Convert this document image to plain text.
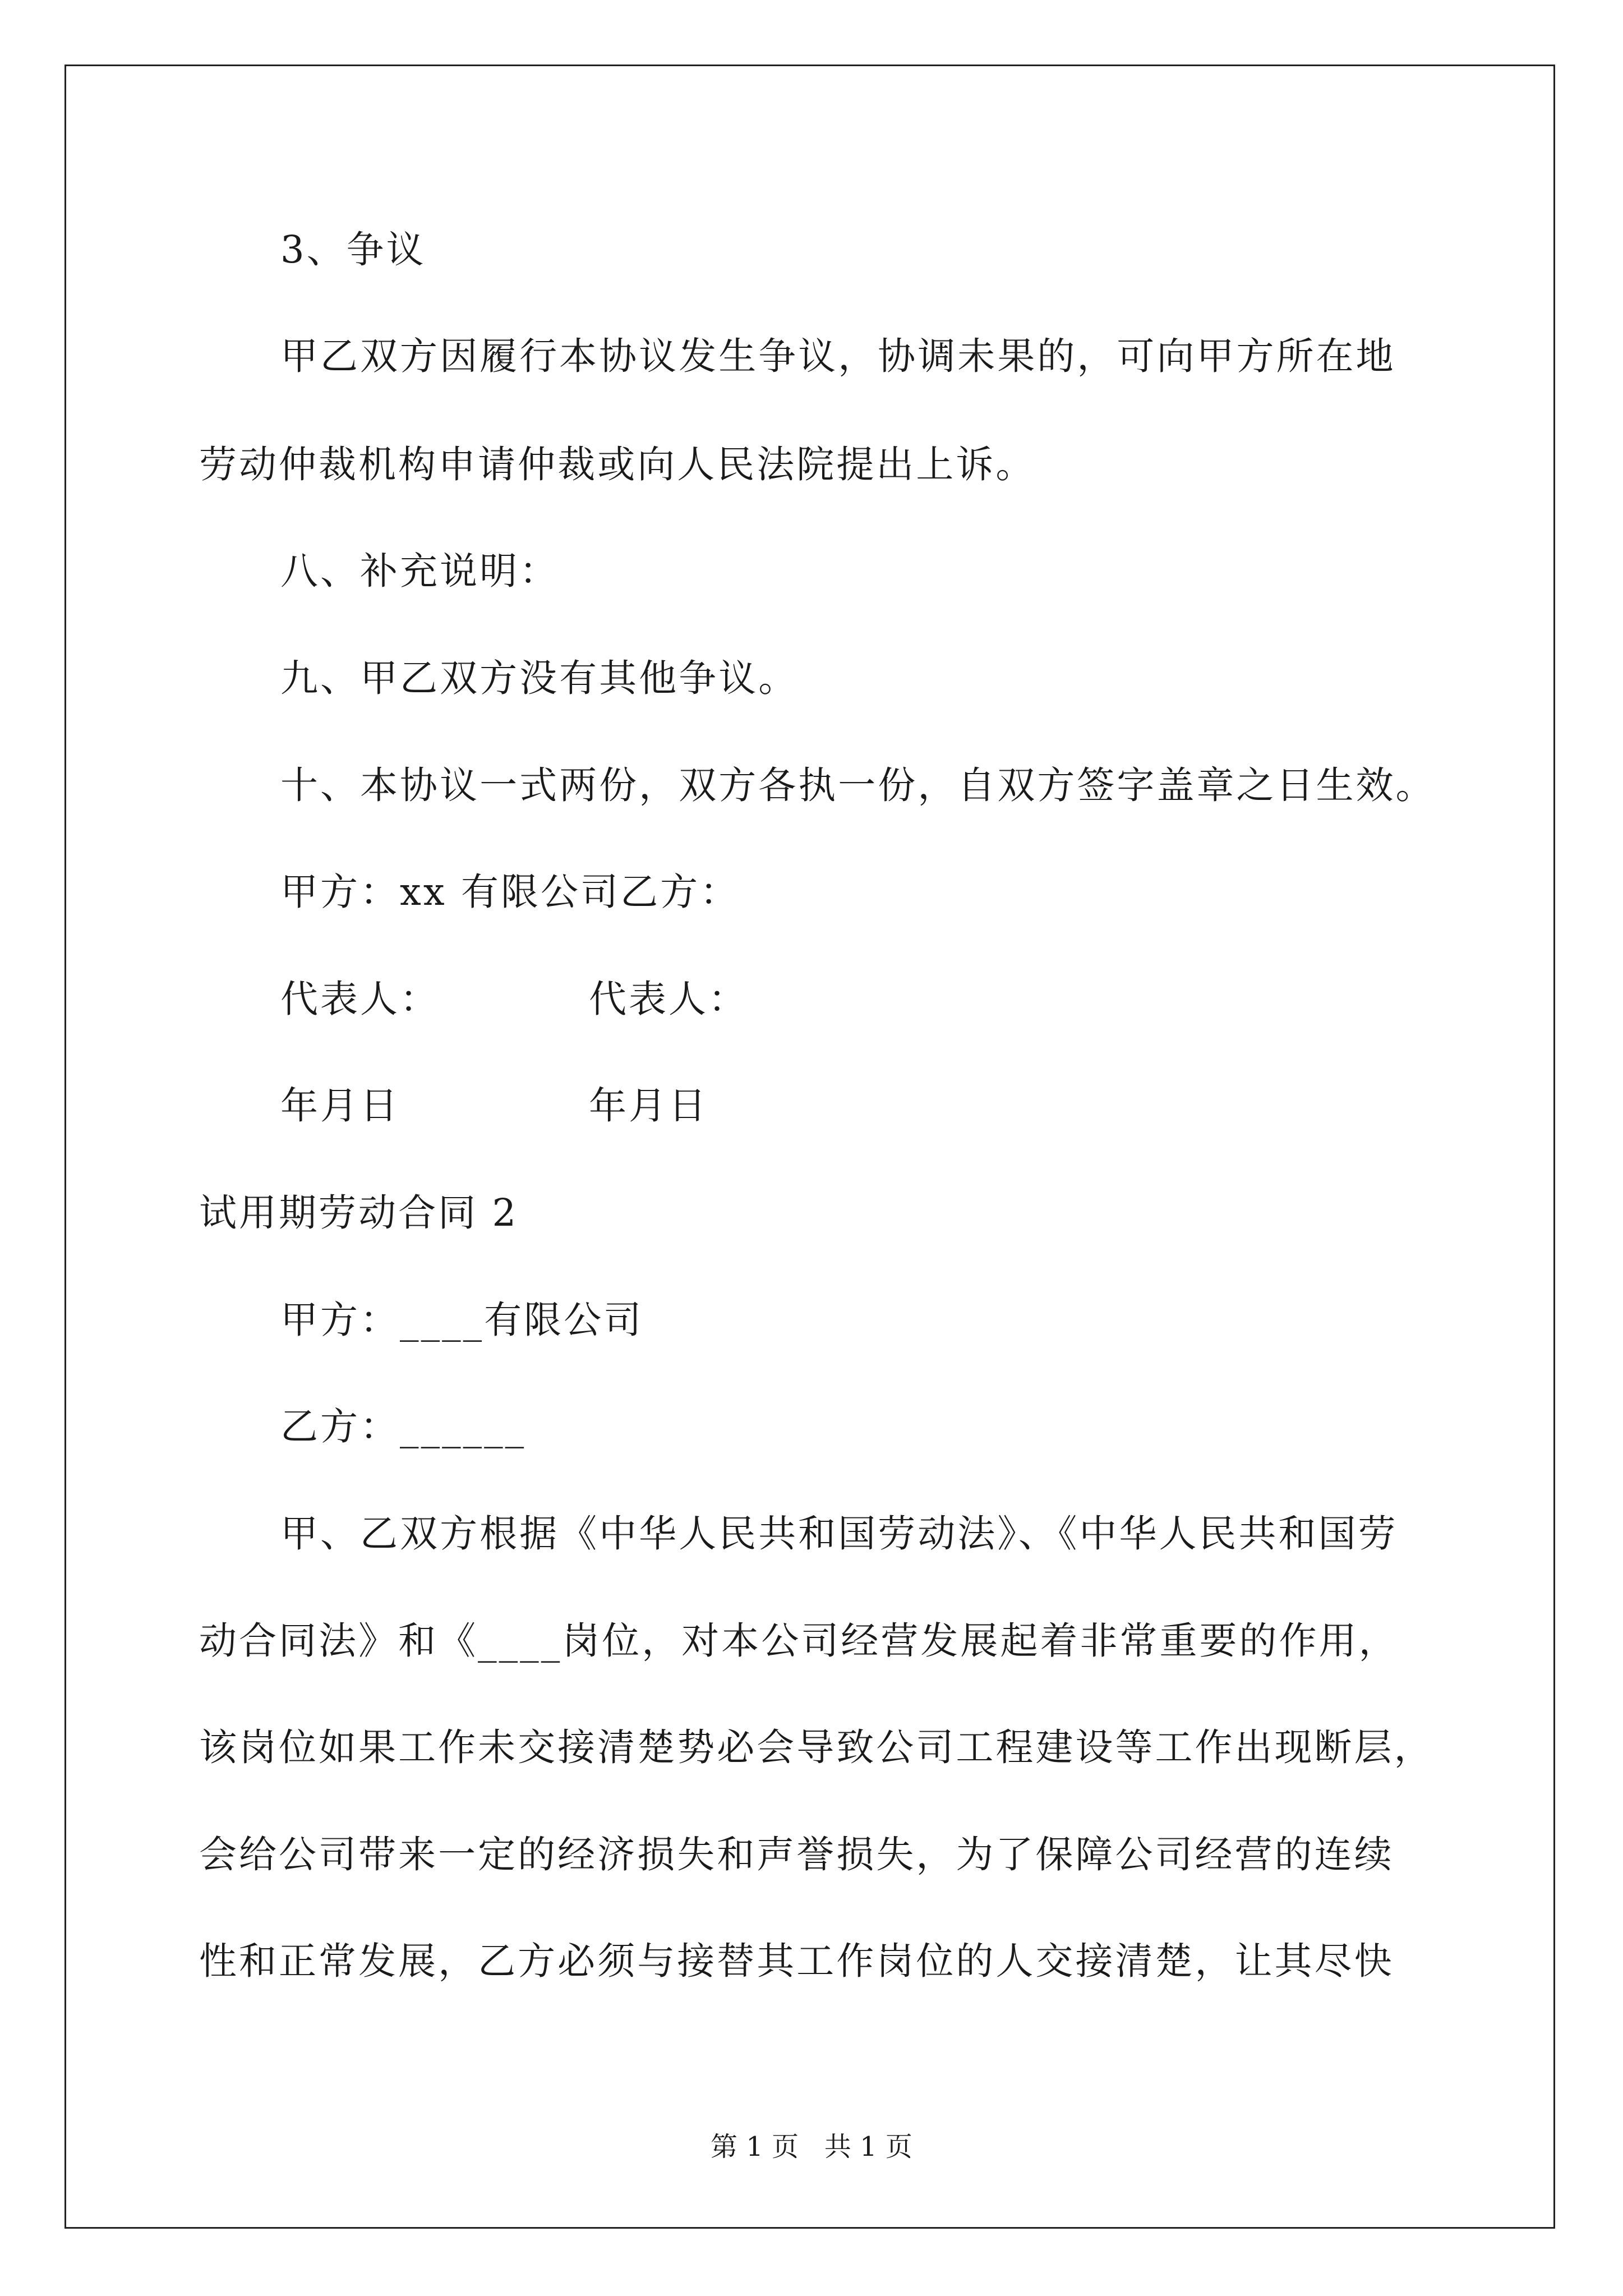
3、争议
甲乙双方因履行本协议发生争议，协调未果的，可向甲方所在地
劳动仲裁机构申请仲裁或向人民法院提出上诉。
八、补充说明：
九、甲乙双方没有其他争议。
十、本协议一式两份，双方各执一份，自双方签字盖章之日生效。
甲方：xx 有限公司乙方：
代表人：	代表人：
年月日	年月日
试用期劳动合同 2
甲方：____有限公司
乙方：______
甲、乙双方根据《中华人民共和国劳动法》、《中华人民共和国劳
动合同法》和《____岗位，对本公司经营发展起着非常重要的作用，
该岗位如果工作未交接清楚势必会导致公司工程建设等工作出现断层，
会给公司带来一定的经济损失和声誉损失，为了保障公司经营的连续
性和正常发展，乙方必须与接替其工作岗位的人交接清楚，让其尽快
第 1 页   共 1 页
